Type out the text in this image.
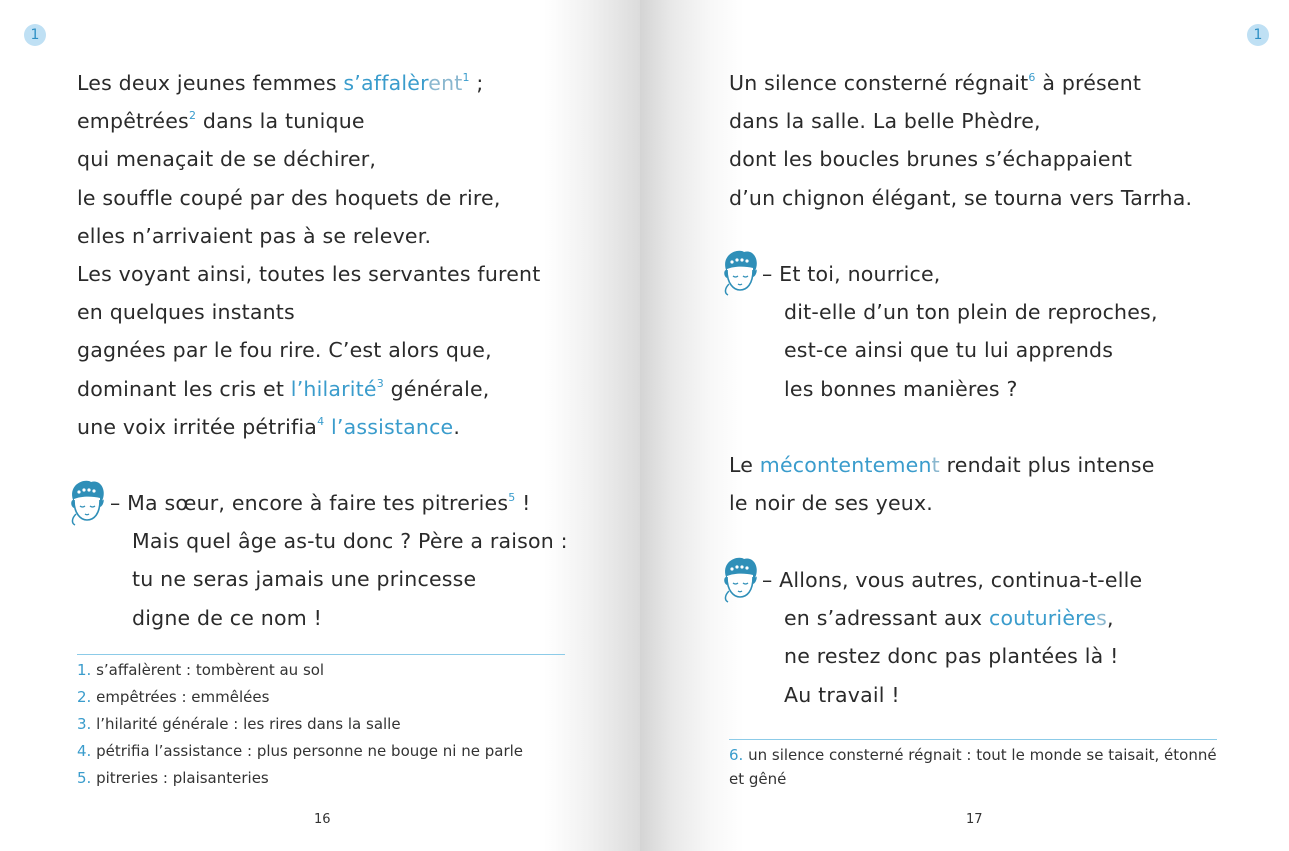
1
Les deux jeunes femmes s’affalèrent$^1$ ;
empêtrées$^2$ dans la tunique
qui menaçait de se déchirer,
le souffle coupé par des hoquets de rire,
elles n’arrivaient pas à se relever.
Les voyant ainsi, toutes les servantes furent
en quelques instants
gagnées par le fou rire. C’est alors que,
dominant les cris et l’hilarité$^3$ générale,
une voix irritée pétrifia$^4$ l’assistance.
– Ma sœur, encore à faire tes pitreries$^5$ !
Mais quel âge as-tu donc ? Père a raison :
tu ne seras jamais une princesse
digne de ce nom !
1. s’affalèrent : tombèrent au sol
2. empêtrées : emmêlées
3. l’hilarité générale : les rires dans la salle
4. pétrifia l’assistance : plus personne ne bouge ni ne parle
5. pitreries : plaisanteries
16
1
Un silence consterné régnait$^6$ à présent
dans la salle. La belle Phèdre,
dont les boucles brunes s’échappaient
d’un chignon élégant, se tourna vers Tarrha.
– Et toi, nourrice,
dit-elle d’un ton plein de reproches,
est-ce ainsi que tu lui apprends
les bonnes manières ?
Le mécontentement rendait plus intense
le noir de ses yeux.
– Allons, vous autres, continua-t-elle
en s’adressant aux couturières,
ne restez donc pas plantées là !
Au travail !
6. un silence consterné régnait : tout le monde se taisait, étonné
et gêné
17
